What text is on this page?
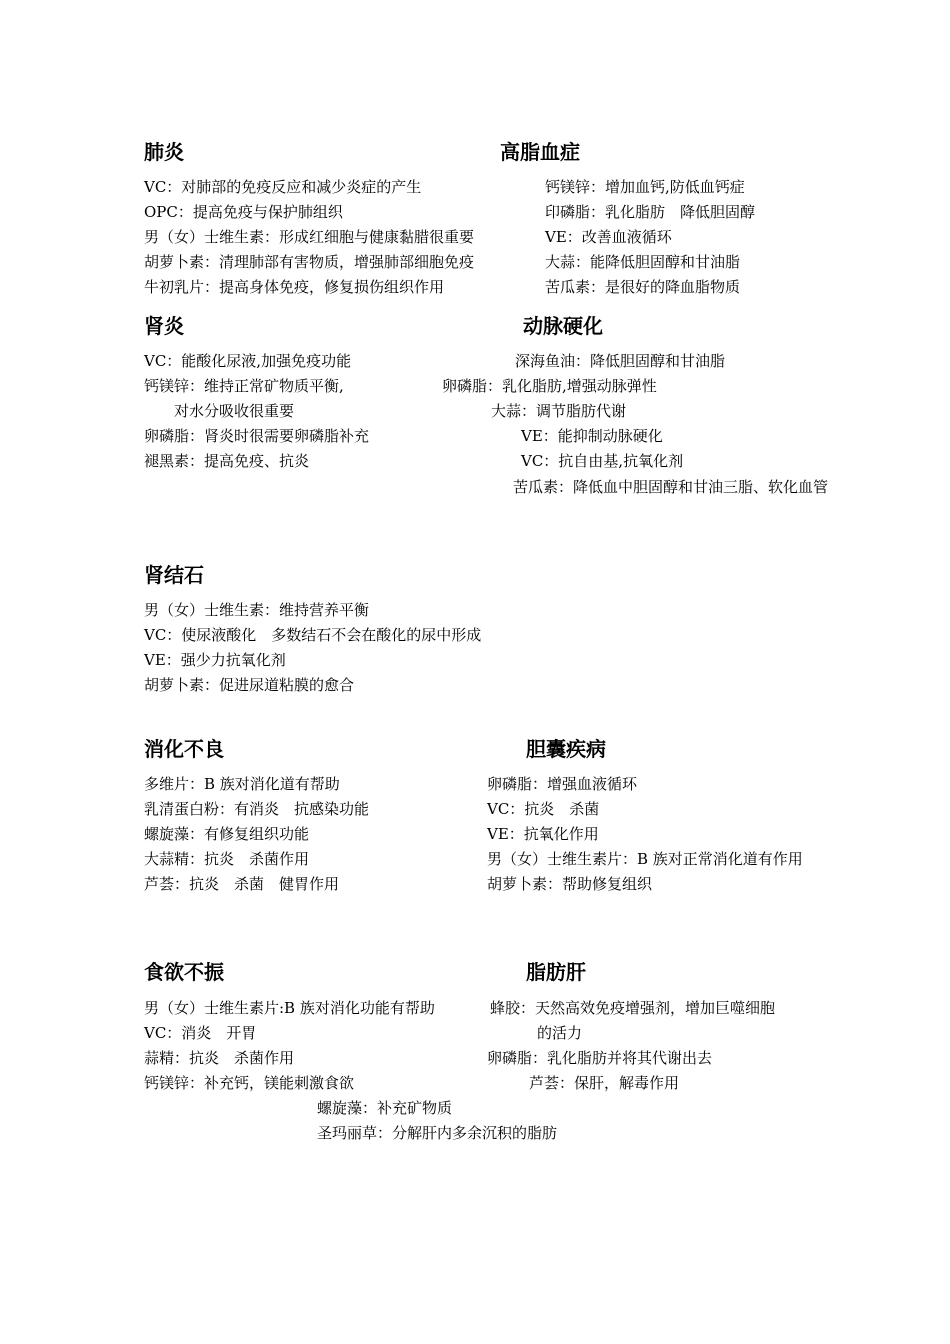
肺炎
VC：对肺部的免疫反应和减少炎症的产生
OPC：提高免疫与保护肺组织
男（女）士维生素：形成红细胞与健康黏腊很重要
胡萝卜素：清理肺部有害物质，增强肺部细胞免疫
牛初乳片：提高身体免疫，修复损伤组织作用
高脂血症
钙镁锌：增加血钙,防低血钙症
印磷脂：乳化脂肪　降低胆固醇
VE：改善血液循环
大蒜：能降低胆固醇和甘油脂
苦瓜素：是很好的降血脂物质
肾炎
VC：能酸化尿液,加强免疫功能
钙镁锌：维持正常矿物质平衡,
对水分吸收很重要
卵磷脂：肾炎时很需要卵磷脂补充
褪黑素：提高免疫、抗炎
动脉硬化
深海鱼油：降低胆固醇和甘油脂
卵磷脂：乳化脂肪,增强动脉弹性
大蒜：调节脂肪代谢
VE：能抑制动脉硬化
VC：抗自由基,抗氧化剂
苦瓜素：降低血中胆固醇和甘油三脂、软化血管
肾结石
男（女）士维生素：维持营养平衡
VC：使尿液酸化　多数结石不会在酸化的尿中形成
VE：强少力抗氧化剂
胡萝卜素：促进尿道粘膜的愈合
消化不良
多维片：B 族对消化道有帮助
乳清蛋白粉：有消炎　抗感染功能
螺旋藻：有修复组织功能
大蒜精：抗炎　杀菌作用
芦荟：抗炎　杀菌　健胃作用
胆囊疾病
卵磷脂：增强血液循环
VC：抗炎　杀菌
VE：抗氧化作用
男（女）士维生素片：B 族对正常消化道有作用
胡萝卜素：帮助修复组织
食欲不振
男（女）士维生素片:B 族对消化功能有帮助
VC：消炎　开胃
蒜精：抗炎　杀菌作用
钙镁锌：补充钙，镁能刺激食欲
螺旋藻：补充矿物质
圣玛丽草：分解肝内多余沉积的脂肪
脂肪肝
蜂胶：天然高效免疫增强剂，增加巨噬细胞
的活力
卵磷脂：乳化脂肪并将其代谢出去
芦荟：保肝，解毒作用
